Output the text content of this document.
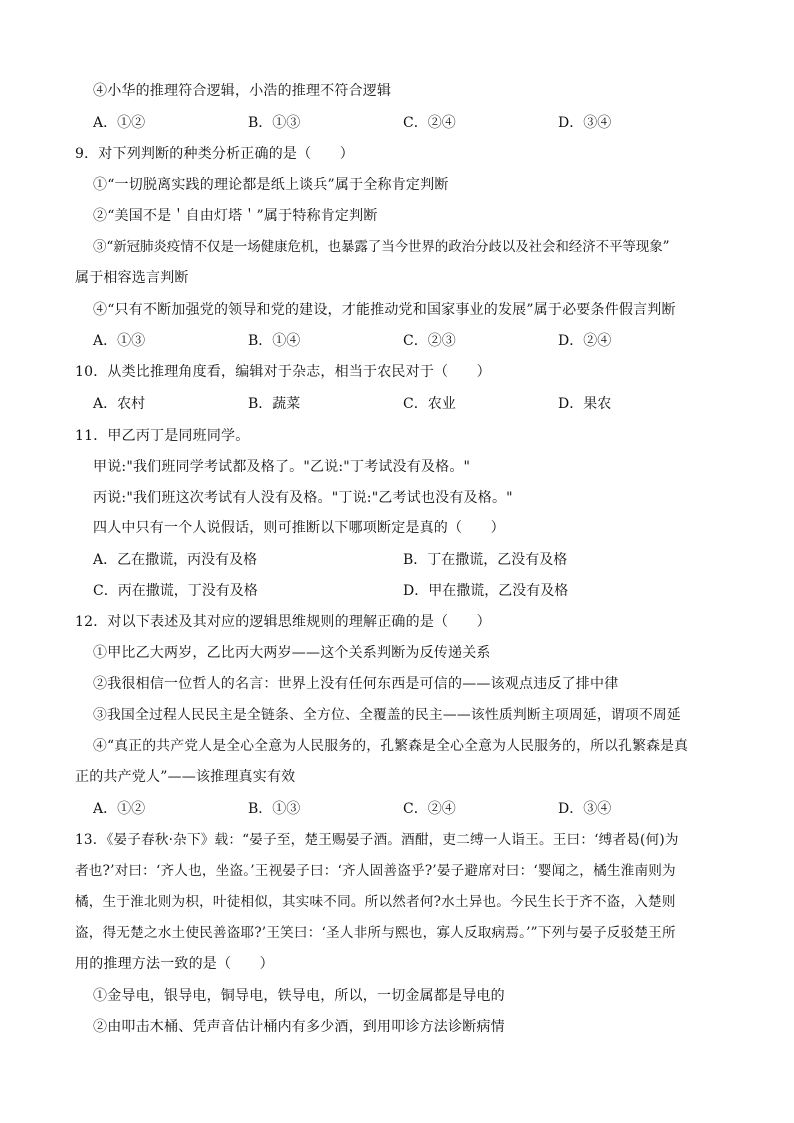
④小华的推理符合逻辑，小浩的推理不符合逻辑
A．①②	B．①③	C．②④	D．③④
9．对下列判断的种类分析正确的是（　　）
①“一切脱离实践的理论都是纸上谈兵”属于全称肯定判断
②“美国不是＇自由灯塔＇”属于特称肯定判断
③“新冠肺炎疫情不仅是一场健康危机，也暴露了当今世界的政治分歧以及社会和经济不平等现象”
属于相容选言判断
④“只有不断加强党的领导和党的建设，才能推动党和国家事业的发展”属于必要条件假言判断
A．①③	B．①④	C．②③	D．②④
10．从类比推理角度看，编辑对于杂志，相当于农民对于（　　）
A．农村	B．蔬菜	C．农业	D．果农
11．甲乙丙丁是同班同学。
甲说:"我们班同学考试都及格了。"乙说:"丁考试没有及格。"
丙说:"我们班这次考试有人没有及格。"丁说:"乙考试也没有及格。"
四人中只有一个人说假话，则可推断以下哪项断定是真的（　　）
A．乙在撒谎，丙没有及格	B．丁在撒谎，乙没有及格
C．丙在撒谎，丁没有及格	D．甲在撒谎，乙没有及格
12．对以下表述及其对应的逻辑思维规则的理解正确的是（　　）
①甲比乙大两岁，乙比丙大两岁——这个关系判断为反传递关系
②我很相信一位哲人的名言：世界上没有任何东西是可信的——该观点违反了排中律
③我国全过程人民民主是全链条、全方位、全覆盖的民主——该性质判断主项周延，谓项不周延
④“真正的共产党人是全心全意为人民服务的，孔繁森是全心全意为人民服务的，所以孔繁森是真
正的共产党人”——该推理真实有效
A．①②	B．①③	C．②④	D．③④
13．《晏子春秋·杂下》载：“晏子至，楚王赐晏子酒。酒酣，吏二缚一人诣王。王曰：‘缚者曷(何)为
者也?’对曰：‘齐人也，坐盗。’王视晏子曰：‘齐人固善盗乎?’晏子避席对曰：‘婴闻之，橘生淮南则为
橘，生于淮北则为枳，叶徒相似，其实味不同。所以然者何?水土异也。今民生长于齐不盗，入楚则
盗，得无楚之水土使民善盗耶?’王笑曰：‘圣人非所与熙也，寡人反取病焉。’”下列与晏子反驳楚王所
用的推理方法一致的是（　　）
①金导电，银导电，铜导电，铁导电，所以，一切金属都是导电的
②由叩击木桶、凭声音估计桶内有多少酒，到用叩诊方法诊断病情
